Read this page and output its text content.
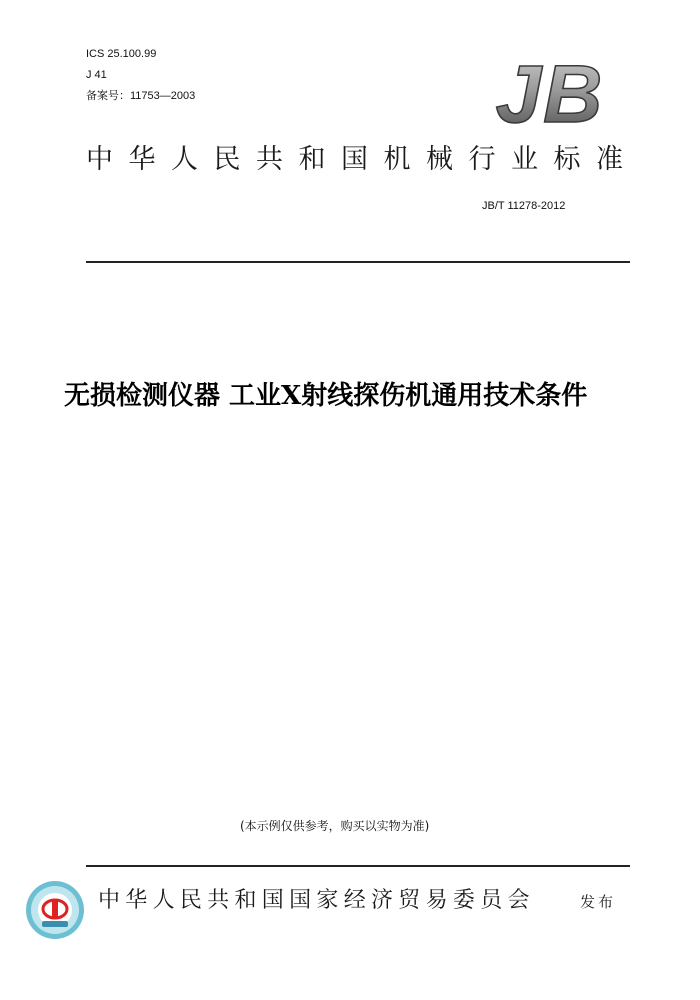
ICS 25.100.99
J 41
备案号：11753—2003	JB
中华人民共和国机械行业标准
JB/T 11278-2012
无损检测仪器 工业X射线探伤机通用技术条件
(本示例仅供参考，购买以实物为准)
中华人民共和国国家经济贸易委员会	发布
